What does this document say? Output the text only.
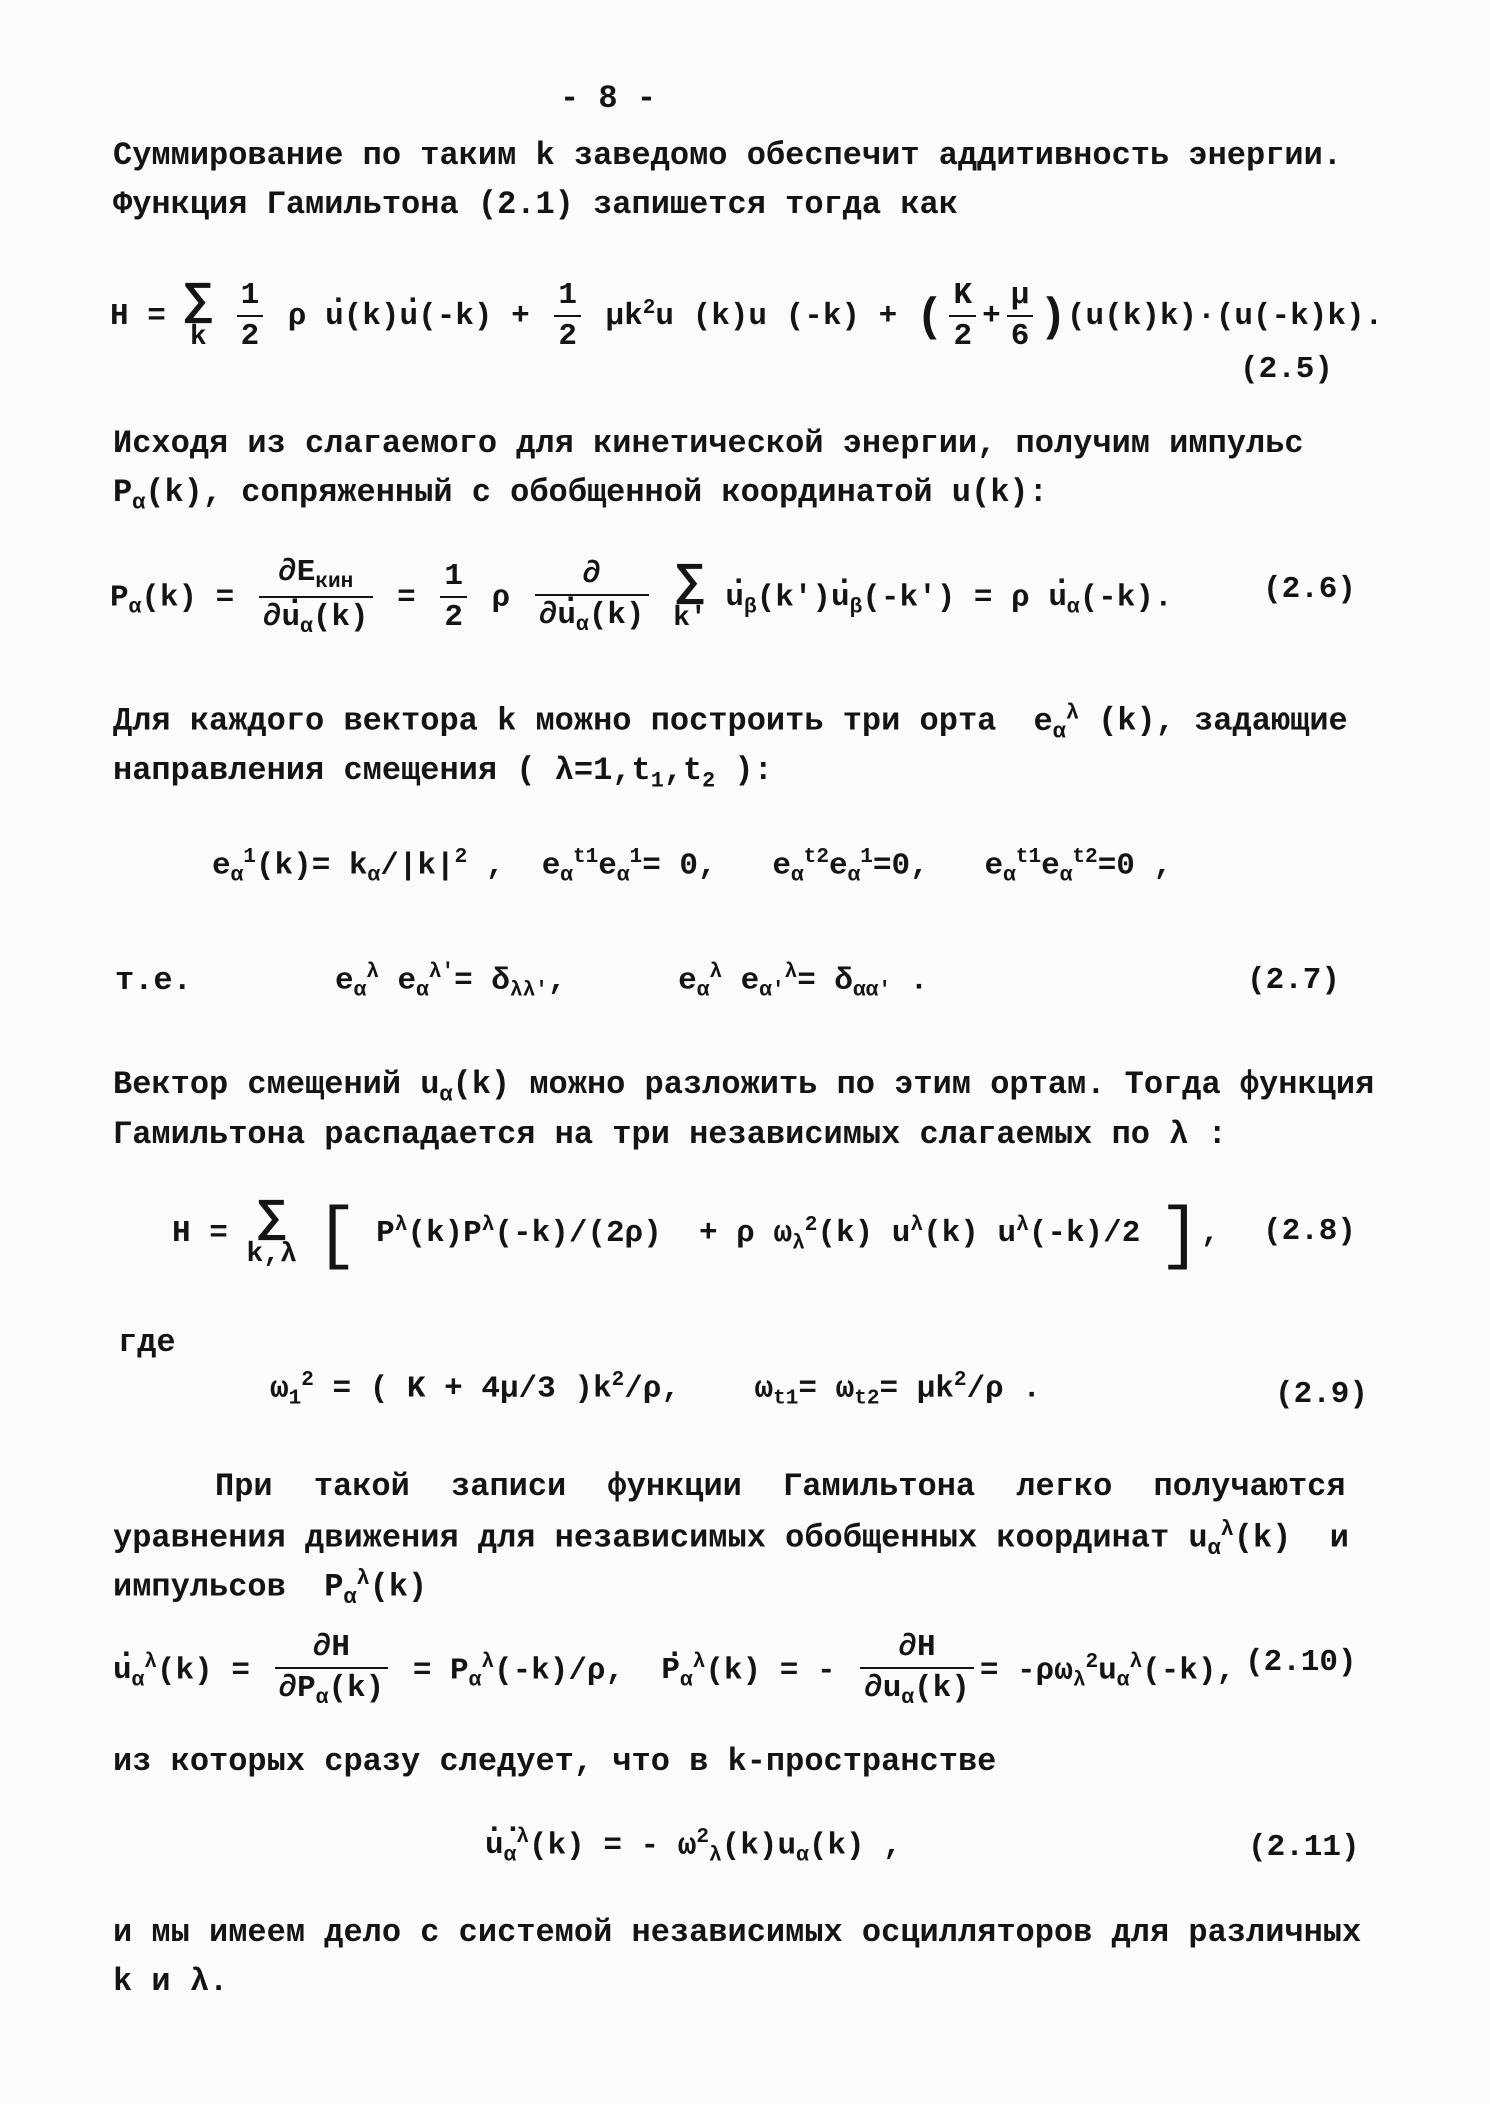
- 8 -
Суммирование по таким k заведомо обеспечит аддитивность энергии.
Функция Гамильтона (2.1) запишется тогда как
H = ∑
k
$\frac{1}{2}$ ρ . u(k). $u(-k) + \frac{1}{2} \mu k^2u$ (k)u (-k) + ( $\frac{K}{2} + \frac{\mu}{6} )(u(k)k)\cdot(u(-k)k)$.
(2.5)
Исходя из слагаемого для кинетической энергии, получим импульс
$P_\alpha(k)$, сопряженный с обобщенной координатой u(k):
$P_\alpha(k) = \frac{\partial E_{кин}}{\partial. u_\alpha(k)} = \frac{1}{2}$ ρ $\frac{\partial}{\partial. u_\alpha(k)}$
∑
k'
. $u_\beta(k')$. $u_\beta(-k') = \rho$ . $u_\alpha(-k)$.	(2.6)
Для каждого вектора k можно построить три орта $e_\alpha^\lambda$ (k), задающие
направления смещения ( $\lambda=1,t_1,t_2$ ):
$e_\alpha^1(k)= k_\alpha/|k|^2$ ,  $e_\alpha^{t1}e_\alpha^1= 0$,   $e_\alpha^{t2}e_\alpha^1=0$,   $e_\alpha^{t1}e_\alpha^{t2}=0$ ,
т.е.	$e_\alpha^\lambda$ $e_\alpha^{\lambda'}= \delta_{\lambda\lambda'}$,      $e_\alpha^\lambda$ $e_{\alpha'}^\lambda= \delta_{\alpha\alpha'}$ .	(2.7)
Вектор смещений $u_\alpha(k)$ можно разложить по этим ортам. Тогда функция
Гамильтона распадается на три независимых слагаемых по λ :
H = ∑
k,λ [ $P^\lambda(k)P^\lambda(-k)/(2\rho) + \rho$ $\omega_\lambda^2(k)$ $u^\lambda(k)$ $u^\lambda(-k)/2$ ], (2.8)
где
$\omega_1^2$ = ( K + 4μ/3 )$k^2/\rho$,    $\omega_{t1}= \omega_{t2}= \mu k^2/\rho$ .	(2.9)
При такой записи функции Гамильтона легко получаются
уравнения движения для независимых обобщенных координат $u_\alpha^\lambda(k)$  и
импульсов  $P_\alpha^\lambda(k)$
. $u_\alpha^\lambda(k) = \frac{\partial H}{\partial P_\alpha(k)} = P_\alpha^\lambda(-k)/\rho$,  . $P_\alpha^\lambda(k)$ = - $\frac{\partial H}{\partial u_\alpha(k)} = -\rho\omega_\lambda^2u_\alpha^\lambda(-k)$, (2.10)
из которых сразу следует, что в k-пространстве
.. $u_\alpha^\lambda(k)$ = - $\omega^2_\lambda(k)u_\alpha(k)$ ,	(2.11)
и мы имеем дело с системой независимых осцилляторов для различных
k и λ.
